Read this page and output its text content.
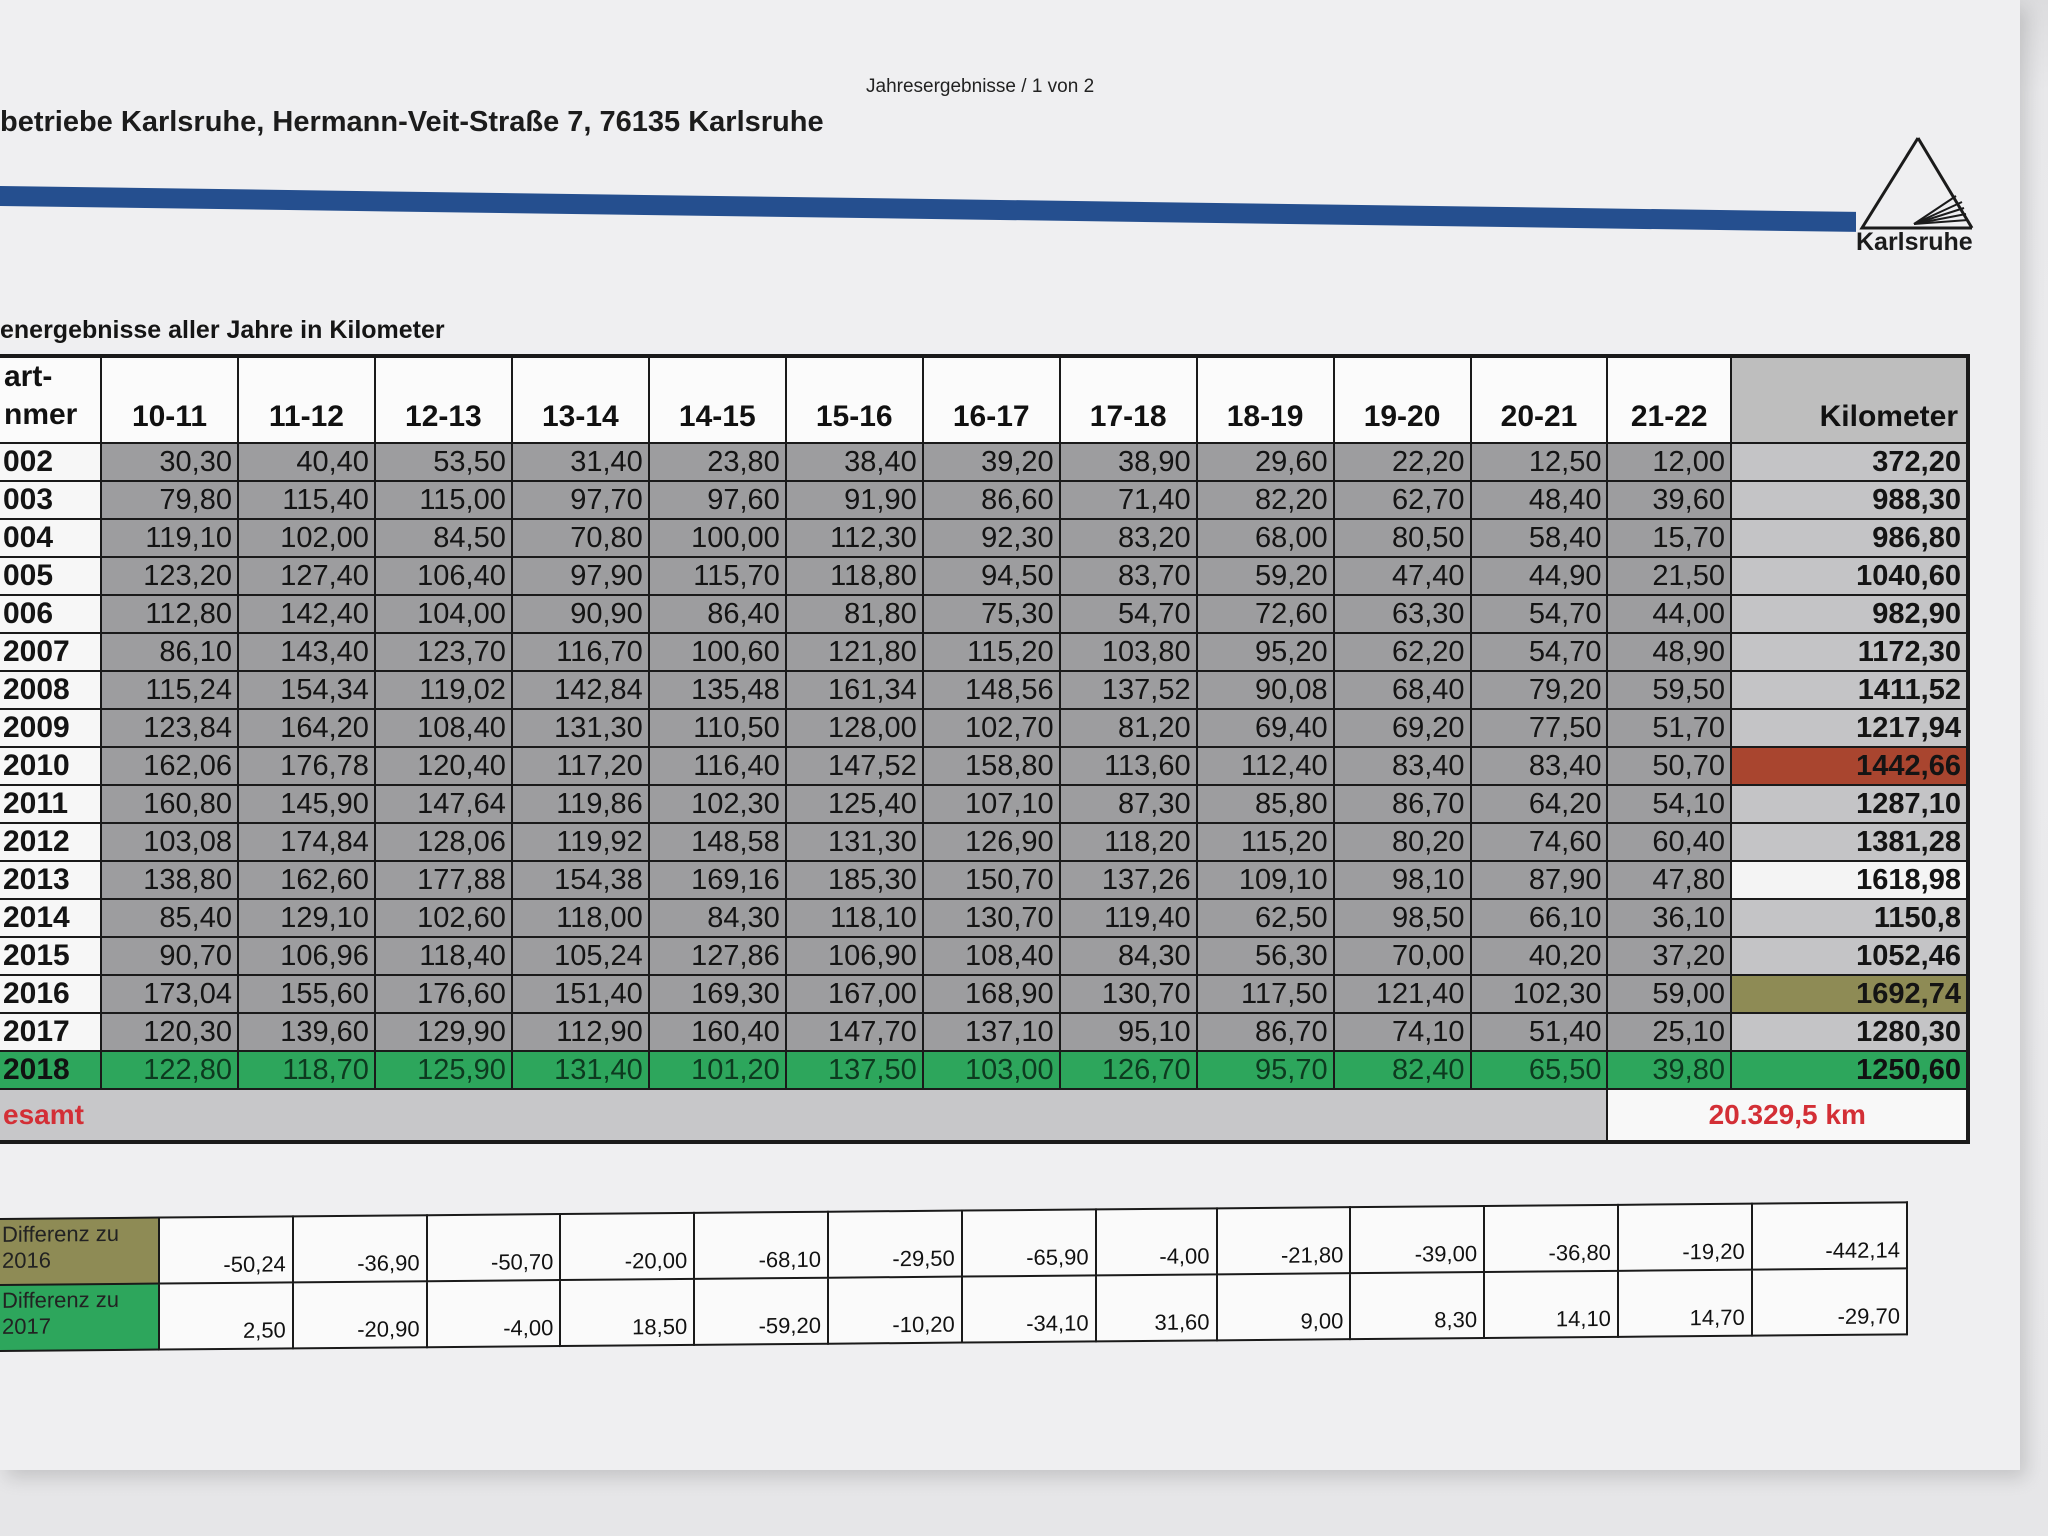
Jahresergebnisse / 1 von 2
betriebe Karlsruhe, Hermann-Veit-Straße 7, 76135 Karlsruhe
Karlsruhe
energebnisse aller Jahre in Kilometer
art-
nmer	10-11	11-12	12-13	13-14	14-15	15-16	16-17	17-18	18-19	19-20	20-21	21-22	Kilometer
002	30,30	40,40	53,50	31,40	23,80	38,40	39,20	38,90	29,60	22,20	12,50	12,00	372,20
003	79,80	115,40	115,00	97,70	97,60	91,90	86,60	71,40	82,20	62,70	48,40	39,60	988,30
004	119,10	102,00	84,50	70,80	100,00	112,30	92,30	83,20	68,00	80,50	58,40	15,70	986,80
005	123,20	127,40	106,40	97,90	115,70	118,80	94,50	83,70	59,20	47,40	44,90	21,50	1040,60
006	112,80	142,40	104,00	90,90	86,40	81,80	75,30	54,70	72,60	63,30	54,70	44,00	982,90
2007	86,10	143,40	123,70	116,70	100,60	121,80	115,20	103,80	95,20	62,20	54,70	48,90	1172,30
2008	115,24	154,34	119,02	142,84	135,48	161,34	148,56	137,52	90,08	68,40	79,20	59,50	1411,52
2009	123,84	164,20	108,40	131,30	110,50	128,00	102,70	81,20	69,40	69,20	77,50	51,70	1217,94
2010	162,06	176,78	120,40	117,20	116,40	147,52	158,80	113,60	112,40	83,40	83,40	50,70	1442,66
2011	160,80	145,90	147,64	119,86	102,30	125,40	107,10	87,30	85,80	86,70	64,20	54,10	1287,10
2012	103,08	174,84	128,06	119,92	148,58	131,30	126,90	118,20	115,20	80,20	74,60	60,40	1381,28
2013	138,80	162,60	177,88	154,38	169,16	185,30	150,70	137,26	109,10	98,10	87,90	47,80	1618,98
2014	85,40	129,10	102,60	118,00	84,30	118,10	130,70	119,40	62,50	98,50	66,10	36,10	1150,8
2015	90,70	106,96	118,40	105,24	127,86	106,90	108,40	84,30	56,30	70,00	40,20	37,20	1052,46
2016	173,04	155,60	176,60	151,40	169,30	167,00	168,90	130,70	117,50	121,40	102,30	59,00	1692,74
2017	120,30	139,60	129,90	112,90	160,40	147,70	137,10	95,10	86,70	74,10	51,40	25,10	1280,30
2018	122,80	118,70	125,90	131,40	101,20	137,50	103,00	126,70	95,70	82,40	65,50	39,80	1250,60
esamt												20.329,5 km	
Differenz zu
2016	-50,24	-36,90	-50,70	-20,00	-68,10	-29,50	-65,90	-4,00	-21,80	-39,00	-36,80	-19,20	-442,14
Differenz zu
2017	2,50	-20,90	-4,00	18,50	-59,20	-10,20	-34,10	31,60	9,00	8,30	14,10	14,70	-29,70
